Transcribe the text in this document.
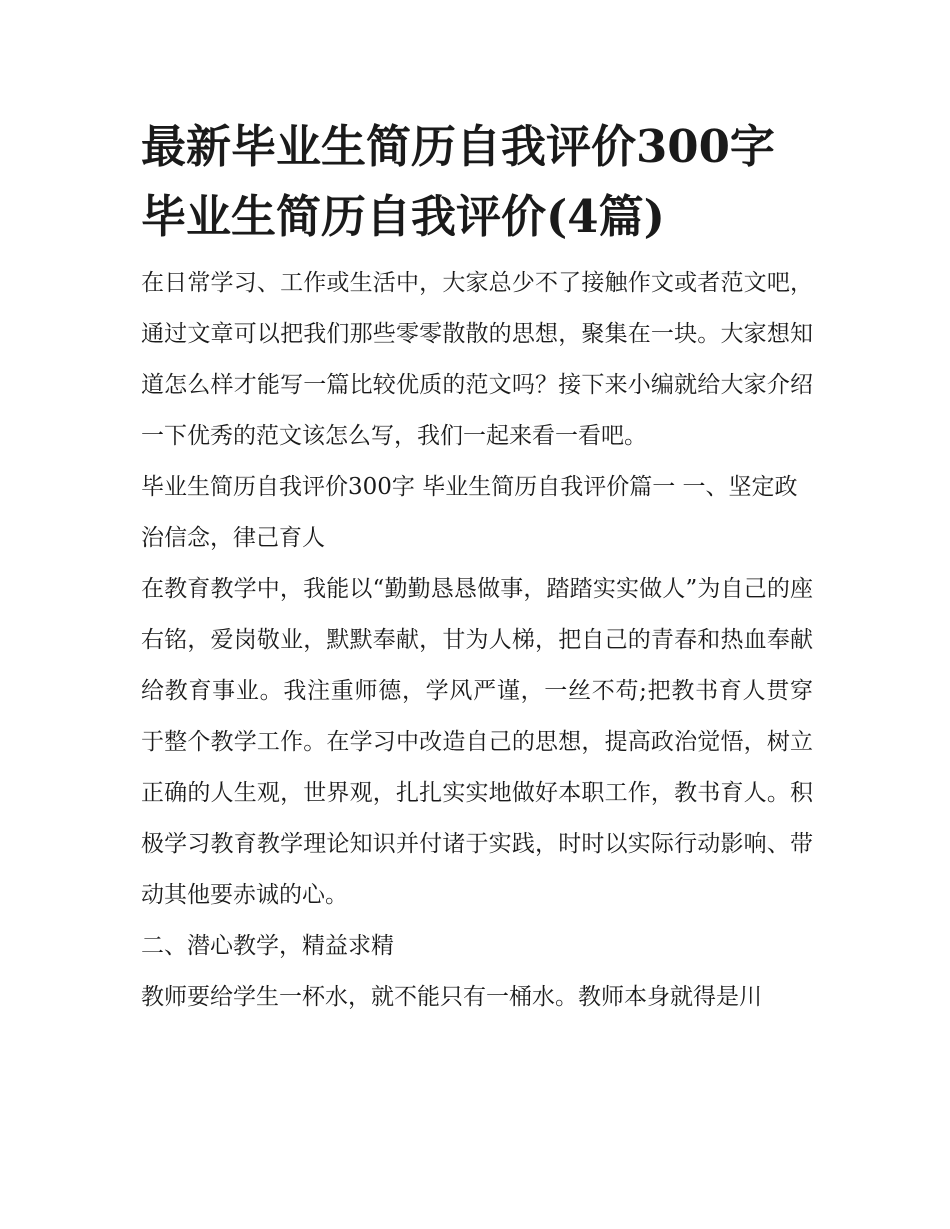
最新毕业生简历自我评价300字 毕业生简历自我评价(4篇)

在日常学习、工作或生活中，大家总少不了接触作文或者范文吧，通过文章可以把我们那些零零散散的思想，聚集在一块。大家想知道怎么样才能写一篇比较优质的范文吗？接下来小编就给大家介绍一下优秀的范文该怎么写，我们一起来看一看吧。

毕业生简历自我评价300字 毕业生简历自我评价篇一 一、坚定政治信念，律己育人

在教育教学中，我能以“勤勤恳恳做事，踏踏实实做人”为自己的座右铭，爱岗敬业，默默奉献，甘为人梯，把自己的青春和热血奉献给教育事业。我注重师德，学风严谨，一丝不苟;把教书育人贯穿于整个教学工作。在学习中改造自己的思想，提高政治觉悟，树立正确的人生观，世界观，扎扎实实地做好本职工作，教书育人。积极学习教育教学理论知识并付诸于实践，时时以实际行动影响、带动其他要赤诚的心。

二、潜心教学，精益求精

教师要给学生一杯水，就不能只有一桶水。教师本身就得是川
